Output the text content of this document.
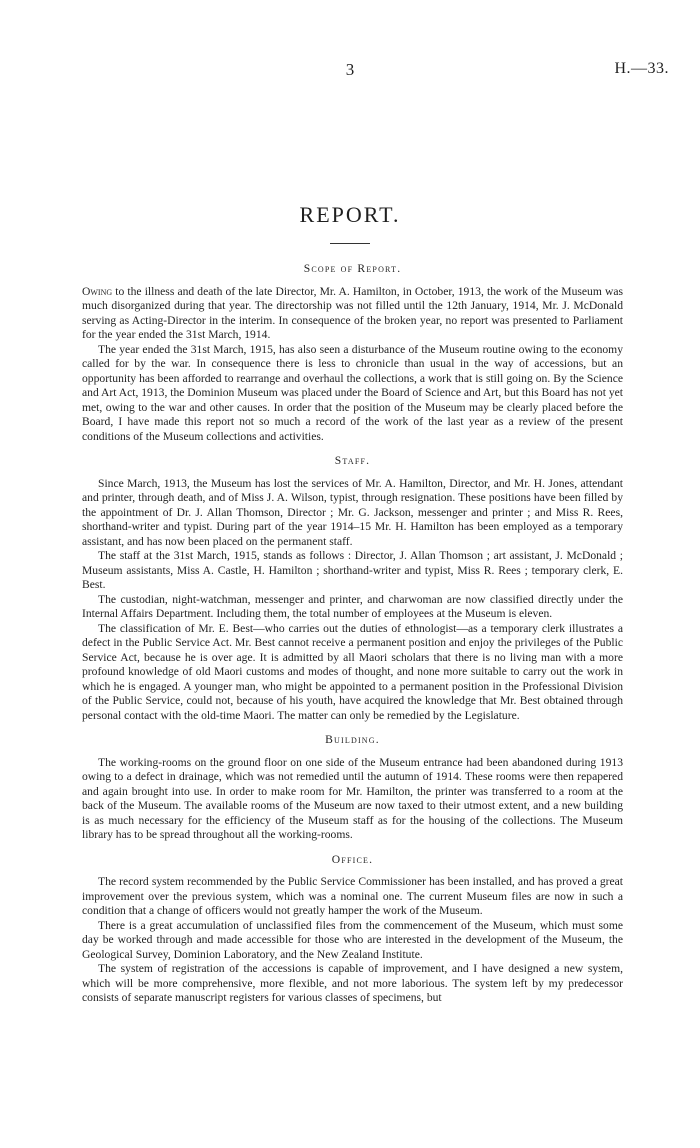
3	H.—33.
REPORT.
Scope of Report.

Owing to the illness and death of the late Director, Mr. A. Hamilton, in October, 1913, the work of the Museum was much disorganized during that year. The directorship was not filled until the 12th January, 1914, Mr. J. McDonald serving as Acting-Director in the interim. In consequence of the broken year, no report was presented to Parliament for the year ended the 31st March, 1914.

The year ended the 31st March, 1915, has also seen a disturbance of the Museum routine owing to the economy called for by the war. In consequence there is less to chronicle than usual in the way of accessions, but an opportunity has been afforded to rearrange and overhaul the collections, a work that is still going on. By the Science and Art Act, 1913, the Dominion Museum was placed under the Board of Science and Art, but this Board has not yet met, owing to the war and other causes. In order that the position of the Museum may be clearly placed before the Board, I have made this report not so much a record of the work of the last year as a review of the present conditions of the Museum collections and activities.

Staff.

Since March, 1913, the Museum has lost the services of Mr. A. Hamilton, Director, and Mr. H. Jones, attendant and printer, through death, and of Miss J. A. Wilson, typist, through resignation. These positions have been filled by the appointment of Dr. J. Allan Thomson, Director ; Mr. G. Jackson, messenger and printer ; and Miss R. Rees, shorthand-writer and typist. During part of the year 1914–15 Mr. H. Hamilton has been employed as a temporary assistant, and has now been placed on the permanent staff.

The staff at the 31st March, 1915, stands as follows : Director, J. Allan Thomson ; art assistant, J. McDonald ; Museum assistants, Miss A. Castle, H. Hamilton ; shorthand-writer and typist, Miss R. Rees ; temporary clerk, E. Best.

The custodian, night-watchman, messenger and printer, and charwoman are now classified directly under the Internal Affairs Department. Including them, the total number of employees at the Museum is eleven.

The classification of Mr. E. Best—who carries out the duties of ethnologist—as a temporary clerk illustrates a defect in the Public Service Act. Mr. Best cannot receive a permanent position and enjoy the privileges of the Public Service Act, because he is over age. It is admitted by all Maori scholars that there is no living man with a more profound knowledge of old Maori customs and modes of thought, and none more suitable to carry out the work in which he is engaged. A younger man, who might be appointed to a permanent position in the Professional Division of the Public Service, could not, because of his youth, have acquired the knowledge that Mr. Best obtained through personal contact with the old-time Maori. The matter can only be remedied by the Legislature.

Building.

The working-rooms on the ground floor on one side of the Museum entrance had been abandoned during 1913 owing to a defect in drainage, which was not remedied until the autumn of 1914. These rooms were then repapered and again brought into use. In order to make room for Mr. Hamilton, the printer was transferred to a room at the back of the Museum. The available rooms of the Museum are now taxed to their utmost extent, and a new building is as much necessary for the efficiency of the Museum staff as for the housing of the collections. The Museum library has to be spread throughout all the working-rooms.

Office.

The record system recommended by the Public Service Commissioner has been installed, and has proved a great improvement over the previous system, which was a nominal one. The current Museum files are now in such a condition that a change of officers would not greatly hamper the work of the Museum.

There is a great accumulation of unclassified files from the commencement of the Museum, which must some day be worked through and made accessible for those who are interested in the development of the Museum, the Geological Survey, Dominion Laboratory, and the New Zealand Institute.

The system of registration of the accessions is capable of improvement, and I have designed a new system, which will be more comprehensive, more flexible, and not more laborious. The system left by my predecessor consists of separate manuscript registers for various classes of specimens, but
